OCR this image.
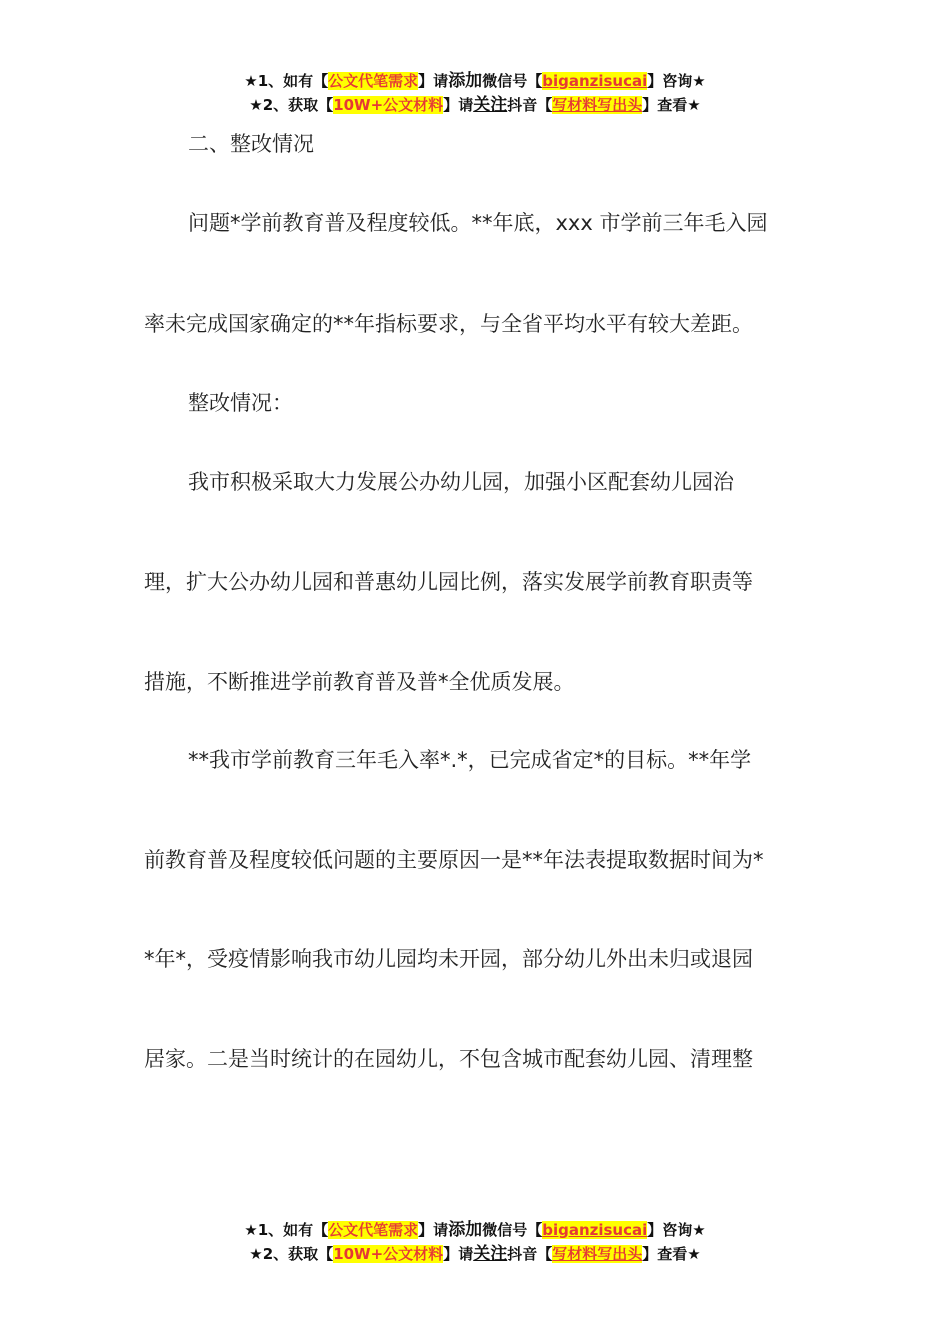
★1、如有【公文代笔需求】请添加微信号【biganzisucai】咨询★
★2、获取【10W+公文材料】请关注抖音【写材料写出头】查看★
二、整改情况
问题*学前教育普及程度较低。**年底，xxx 市学前三年毛入园
率未完成国家确定的**年指标要求，与全省平均水平有较大差距。
整改情况：
我市积极采取大力发展公办幼儿园，加强小区配套幼儿园治
理，扩大公办幼儿园和普惠幼儿园比例，落实发展学前教育职责等
措施，不断推进学前教育普及普*全优质发展。
**我市学前教育三年毛入率*.*，已完成省定*的目标。**年学
前教育普及程度较低问题的主要原因一是**年法表提取数据时间为*
*年*，受疫情影响我市幼儿园均未开园，部分幼儿外出未归或退园
居家。二是当时统计的在园幼儿，不包含城市配套幼儿园、清理整
★1、如有【公文代笔需求】请添加微信号【biganzisucai】咨询★
★2、获取【10W+公文材料】请关注抖音【写材料写出头】查看★
